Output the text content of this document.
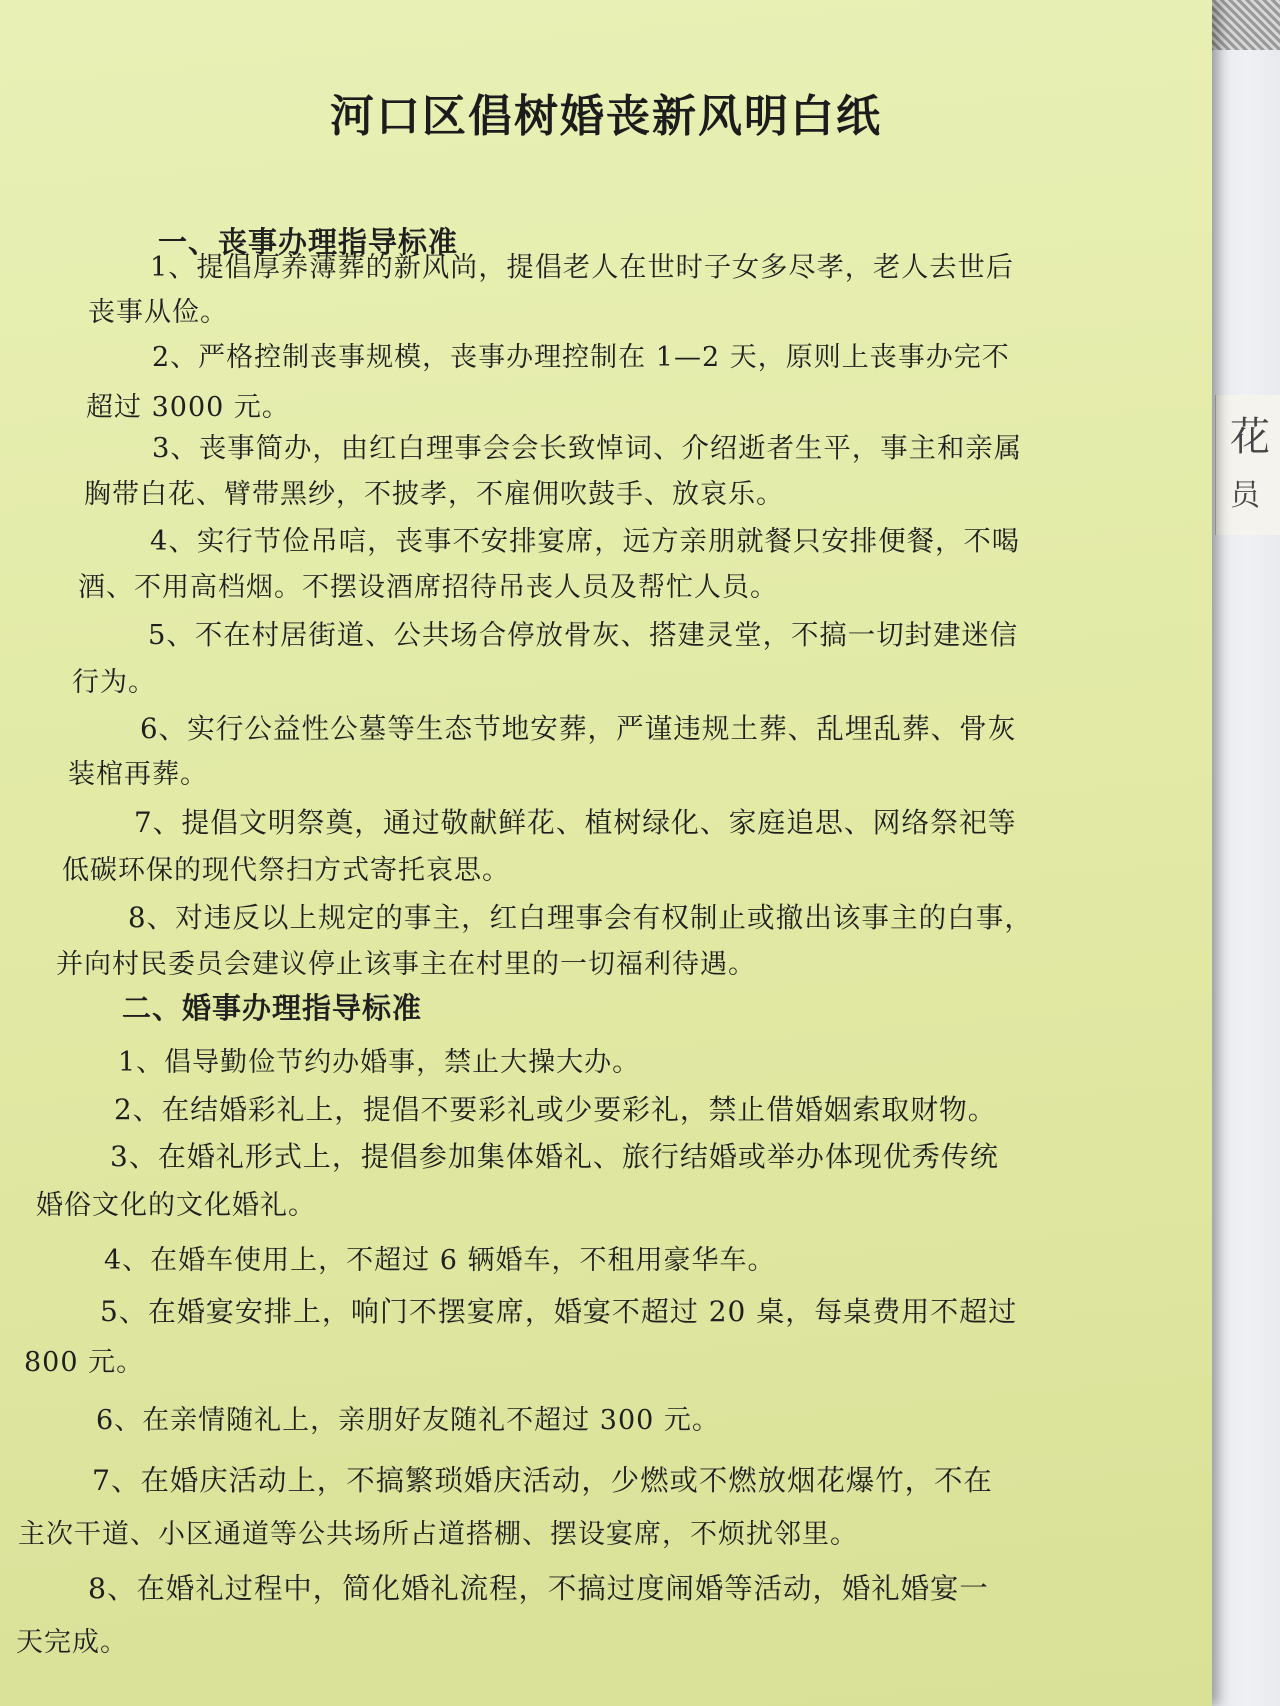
花
员
河口区倡树婚丧新风明白纸
一、丧事办理指导标准
1、提倡厚养薄葬的新风尚，提倡老人在世时子女多尽孝，老人去世后
丧事从俭。
2、严格控制丧事规模，丧事办理控制在 1—2 天，原则上丧事办完不
超过 3000 元。
3、丧事简办，由红白理事会会长致悼词、介绍逝者生平，事主和亲属
胸带白花、臂带黑纱，不披孝，不雇佣吹鼓手、放哀乐。
4、实行节俭吊唁，丧事不安排宴席，远方亲朋就餐只安排便餐，不喝
酒、不用高档烟。不摆设酒席招待吊丧人员及帮忙人员。
5、不在村居街道、公共场合停放骨灰、搭建灵堂，不搞一切封建迷信
行为。
6、实行公益性公墓等生态节地安葬，严谨违规土葬、乱埋乱葬、骨灰
装棺再葬。
7、提倡文明祭奠，通过敬献鲜花、植树绿化、家庭追思、网络祭祀等
低碳环保的现代祭扫方式寄托哀思。
8、对违反以上规定的事主，红白理事会有权制止或撤出该事主的白事，
并向村民委员会建议停止该事主在村里的一切福利待遇。
二、婚事办理指导标准
1、倡导勤俭节约办婚事，禁止大操大办。
2、在结婚彩礼上，提倡不要彩礼或少要彩礼，禁止借婚姻索取财物。
3、在婚礼形式上，提倡参加集体婚礼、旅行结婚或举办体现优秀传统
婚俗文化的文化婚礼。
4、在婚车使用上，不超过 6 辆婚车，不租用豪华车。
5、在婚宴安排上，响门不摆宴席，婚宴不超过 20 桌，每桌费用不超过
800 元。
6、在亲情随礼上，亲朋好友随礼不超过 300 元。
7、在婚庆活动上，不搞繁琐婚庆活动，少燃或不燃放烟花爆竹，不在
主次干道、小区通道等公共场所占道搭棚、摆设宴席，不烦扰邻里。
8、在婚礼过程中，简化婚礼流程，不搞过度闹婚等活动，婚礼婚宴一
天完成。
